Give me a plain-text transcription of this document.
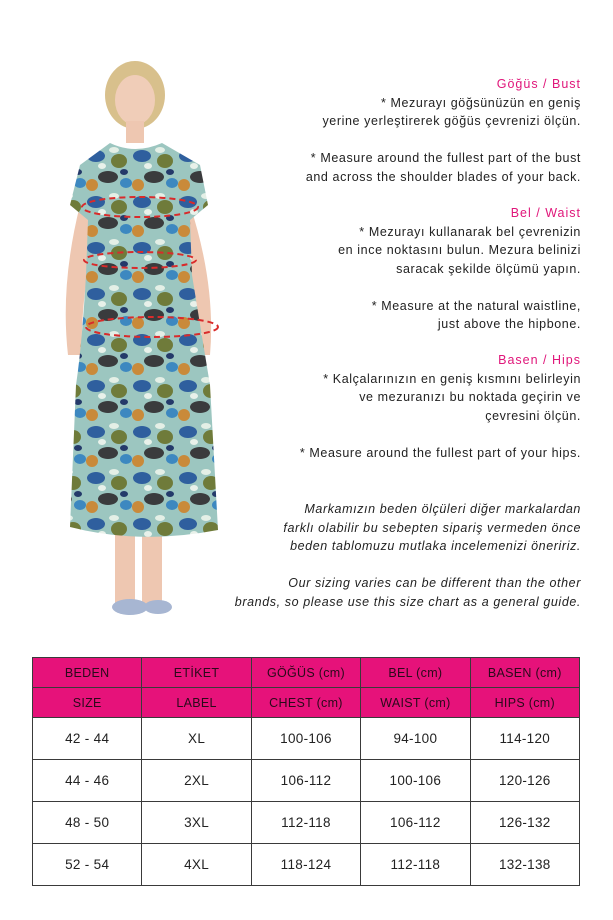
Göğüs / Bust
* Mezurayı göğsünüzün en geniş
yerine yerleştirerek göğüs çevrenizi ölçün.
* Measure around the fullest part of the bust
and across the shoulder blades of your back.
Bel / Waist
* Mezurayı kullanarak bel çevrenizin
en ince noktasını bulun. Mezura belinizi
saracak şekilde ölçümü yapın.
* Measure at the natural waistline,
just above the hipbone.
Basen / Hips
* Kalçalarınızın en geniş kısmını belirleyin
ve mezuranızı bu noktada geçirin ve
çevresini ölçün.
* Measure around the fullest part of your hips.
Markamızın beden ölçüleri diğer markalardan
farklı olabilir bu sebepten sipariş vermeden önce
beden tablomuzu mutlaka incelemenizi öneririz.
Our sizing varies can be different than the other
brands, so please use this size chart as a general guide.
BEDEN	ETİKET	GÖĞÜS (cm)	BEL (cm)	BASEN (cm)
SIZE	LABEL	CHEST (cm)	WAIST (cm)	HIPS (cm)
42 - 44	XL	100-106	94-100	114-120
44 - 46	2XL	106-112	100-106	120-126
48 - 50	3XL	112-118	106-112	126-132
52 - 54	4XL	118-124	112-118	132-138
